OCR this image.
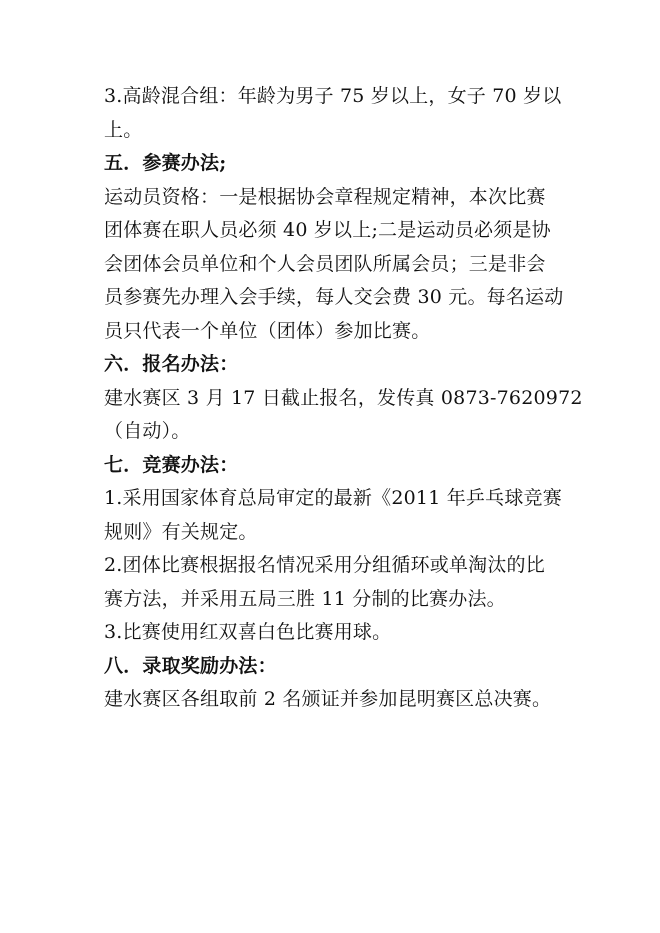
3.高龄混合组：年龄为男子 75 岁以上，女子 70 岁以
上。
五．参赛办法;
运动员资格：一是根据协会章程规定精神，本次比赛
团体赛在职人员必须 40 岁以上;二是运动员必须是协
会团体会员单位和个人会员团队所属会员；三是非会
员参赛先办理入会手续，每人交会费 30 元。每名运动
员只代表一个单位（团体）参加比赛。
六．报名办法：
建水赛区 3 月 17 日截止报名，发传真 0873-7620972
（自动）。
七．竞赛办法：
1.采用国家体育总局审定的最新《2011 年乒乓球竞赛
规则》有关规定。
2.团体比赛根据报名情况采用分组循环或单淘汰的比
赛方法，并采用五局三胜 11 分制的比赛办法。
3.比赛使用红双喜白色比赛用球。
八．录取奖励办法：
建水赛区各组取前 2 名颁证并参加昆明赛区总决赛。
